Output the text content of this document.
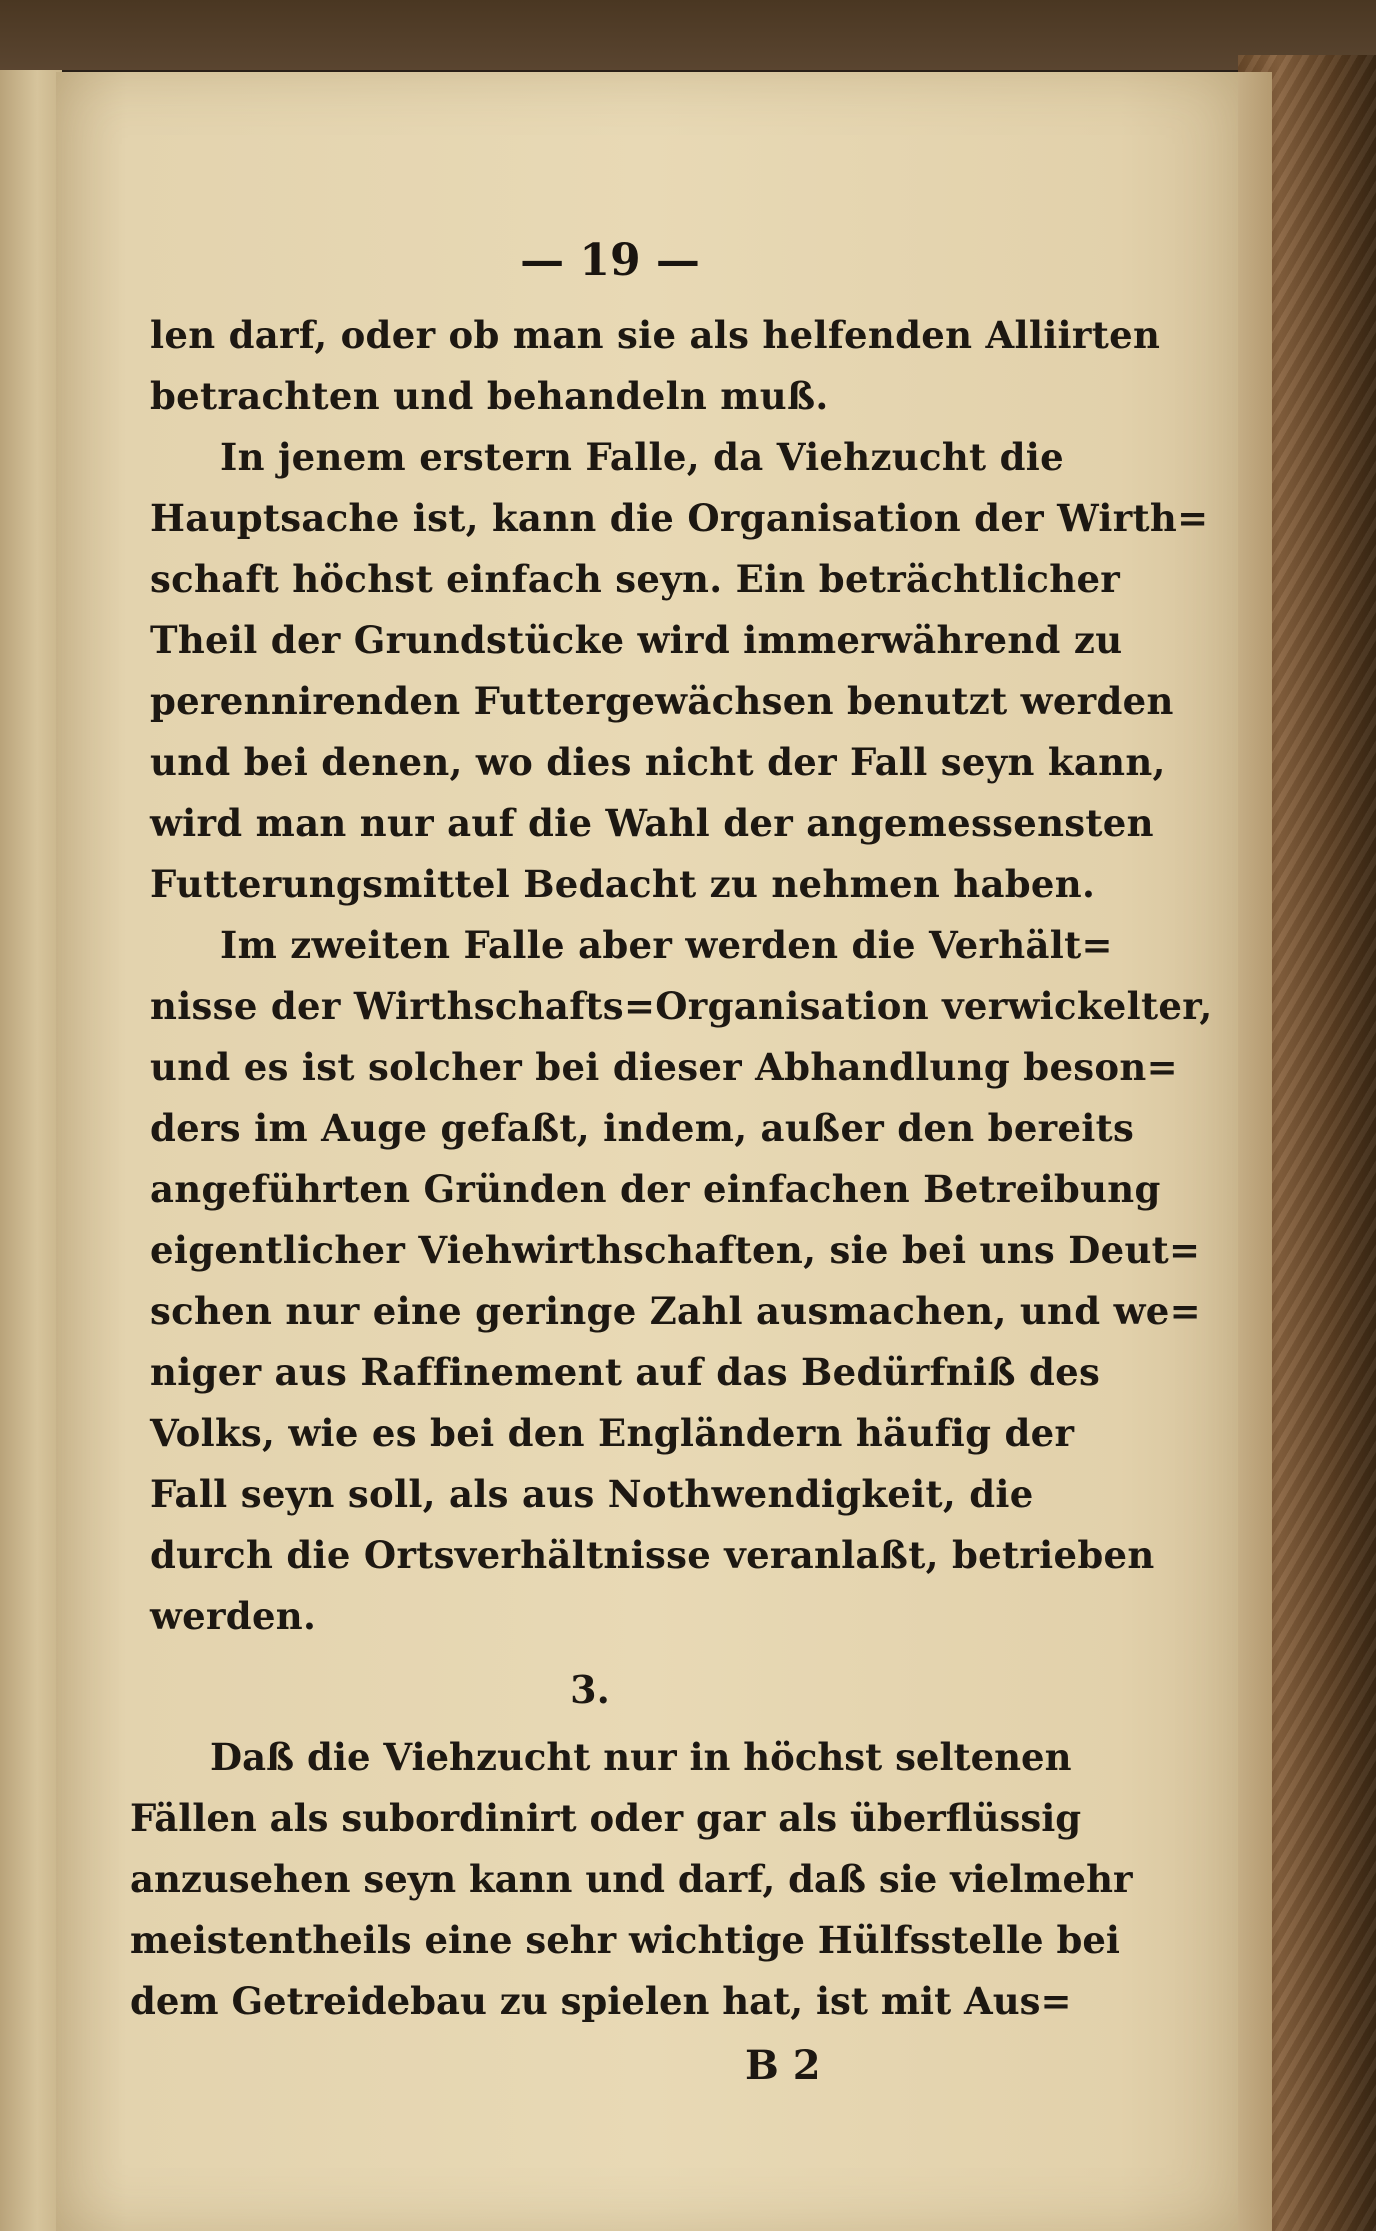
— 19 —
len darf, oder ob man sie als helfenden Alliirten
betrachten und behandeln muß.
In jenem erstern Falle, da Viehzucht die
Hauptsache ist, kann die Organisation der Wirth=
schaft höchst einfach seyn. Ein beträchtlicher
Theil der Grundstücke wird immerwährend zu
perennirenden Futtergewächsen benutzt werden
und bei denen, wo dies nicht der Fall seyn kann,
wird man nur auf die Wahl der angemessensten
Futterungsmittel Bedacht zu nehmen haben.
Im zweiten Falle aber werden die Verhält=
nisse der Wirthschafts=Organisation verwickelter,
und es ist solcher bei dieser Abhandlung beson=
ders im Auge gefaßt, indem, außer den bereits
angeführten Gründen der einfachen Betreibung
eigentlicher Viehwirthschaften, sie bei uns Deut=
schen nur eine geringe Zahl ausmachen, und we=
niger aus Raffinement auf das Bedürfniß des
Volks, wie es bei den Engländern häufig der
Fall seyn soll, als aus Nothwendigkeit, die
durch die Ortsverhältnisse veranlaßt, betrieben
werden.
3.
Daß die Viehzucht nur in höchst seltenen
Fällen als subordinirt oder gar als überflüssig
anzusehen seyn kann und darf, daß sie vielmehr
meistentheils eine sehr wichtige Hülfsstelle bei
dem Getreidebau zu spielen hat, ist mit Aus=
B 2
